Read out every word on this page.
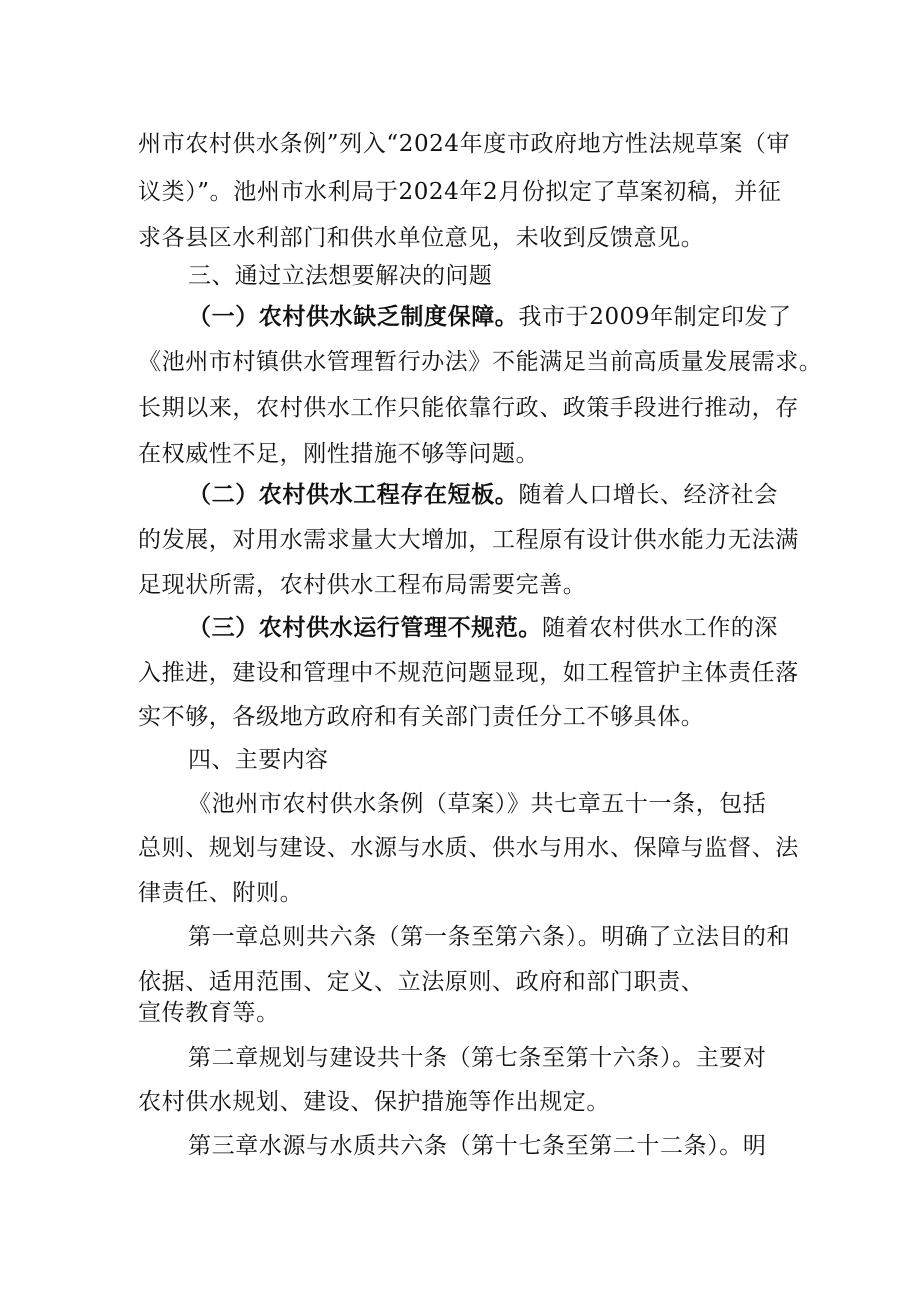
州市农村供水条例”列入“2024年度市政府地方性法规草案（审
议类）”。池州市水利局于2024年2月份拟定了草案初稿，并征
求各县区水利部门和供水单位意见，未收到反馈意见。
三、通过立法想要解决的问题
（一）农村供水缺乏制度保障。我市于2009年制定印发了
《池州市村镇供水管理暂行办法》不能满足当前高质量发展需求。
长期以来，农村供水工作只能依靠行政、政策手段进行推动，存
在权威性不足，刚性措施不够等问题。
（二）农村供水工程存在短板。随着人口增长、经济社会
的发展，对用水需求量大大增加，工程原有设计供水能力无法满
足现状所需，农村供水工程布局需要完善。
（三）农村供水运行管理不规范。随着农村供水工作的深
入推进，建设和管理中不规范问题显现，如工程管护主体责任落
实不够，各级地方政府和有关部门责任分工不够具体。
四、主要内容
《池州市农村供水条例（草案）》共七章五十一条，包括
总则、规划与建设、水源与水质、供水与用水、保障与监督、法
律责任、附则。
第一章总则共六条（第一条至第六条）。明确了立法目的和
依据、适用范围、定义、立法原则、政府和部门职责、
宣传教育等。
第二章规划与建设共十条（第七条至第十六条）。主要对
农村供水规划、建设、保护措施等作出规定。
第三章水源与水质共六条（第十七条至第二十二条）。明
